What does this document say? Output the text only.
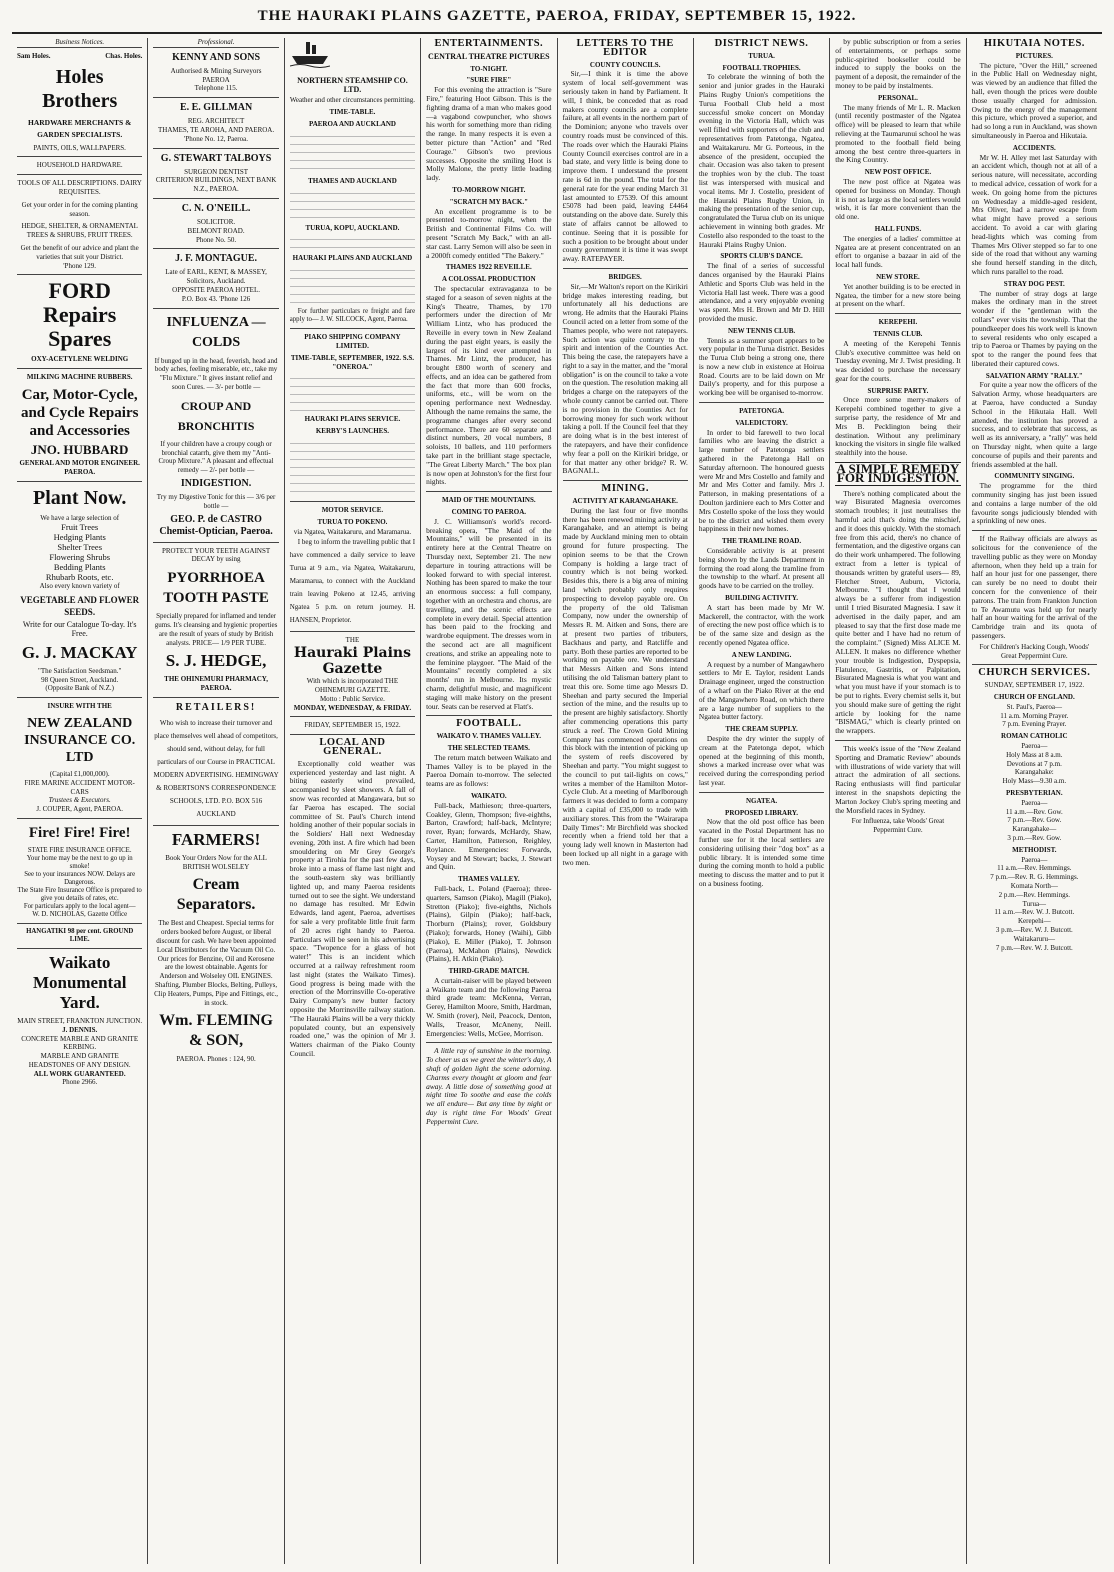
THE HAURAKI PLAINS GAZETTE, PAEROA, FRIDAY, SEPTEMBER 15, 1922.
Business Notices.
Sam Holes.	Chas. Holes.
Holes Brothers
HARDWARE MERCHANTS & GARDEN SPECIALISTS.
PAINTS, OILS, WALLPAPERS.
HOUSEHOLD HARDWARE.
TOOLS OF ALL DESCRIPTIONS. DAIRY REQUISITES.
Get your order in for the coming planting season.
HEDGE, SHELTER, & ORNAMENTAL TREES & SHRUBS, FRUIT TREES.
Get the benefit of our advice and plant the varieties that suit your District.
'Phone 129.
FORD Repairs Spares
OXY-ACETYLENE WELDING
MILKING MACHINE RUBBERS.
Car, Motor-Cycle, and Cycle Repairs and Accessories
JNO. HUBBARD
GENERAL AND MOTOR ENGINEER. PAEROA.
Plant Now.
We have a large selection of
Fruit Trees
Hedging Plants
Shelter Trees
Flowering Shrubs
Bedding Plants
Rhubarb Roots, etc.
Also every known variety of
VEGETABLE AND FLOWER SEEDS.
Write for our Catalogue To-day. It's Free.
G. J. MACKAY
"The Satisfaction Seedsman."
98 Queen Street, Auckland.
(Opposite Bank of N.Z.)
INSURE WITH THE
NEW ZEALAND INSURANCE CO. LTD
(Capital £1,000,000).
FIRE MARINE ACCIDENT MOTOR-CARS
Trustees & Executors.
J. COUPER, Agent, PAEROA.
Fire! Fire! Fire!
STATE FIRE INSURANCE OFFICE.
Your home may be the next to go up in smoke!
See to your insurances NOW. Delays are Dangerous.
The State Fire Insurance Office is prepared to give you details of rates, etc.
For particulars apply to the local agent—
W. D. NICHOLAS, Gazette Office
HANGATIKI 98 per cent. GROUND LIME.
Waikato Monumental Yard.
MAIN STREET, FRANKTON JUNCTION.
J. DENNIS.
CONCRETE MARBLE AND GRANITE KERBING.
MARBLE AND GRANITE HEADSTONES OF ANY DESIGN.
ALL WORK GUARANTEED.
Phone 2966.
Professional.
KENNY AND SONS
Authorised & Mining Surveyors
PAEROA
Telephone 115.
E. E. GILLMAN
REG. ARCHITECT
THAMES, TE AROHA, AND PAEROA.
'Phone No. 12, Paeroa.
G. STEWART TALBOYS
SURGEON DENTIST
CRITERION BUILDINGS, NEXT BANK N.Z., PAEROA.
C. N. O'NEILL.
SOLICITOR.
BELMONT ROAD.
Phone No. 50.
J. F. MONTAGUE.
Late of EARL, KENT, & MASSEY, Solicitors, Auckland.
OPPOSITE PAEROA HOTEL.
P.O. Box 43. 'Phone 126
INFLUENZA — COLDS
If bunged up in the head, feverish, head and body aches, feeling miserable, etc., take my "Flu Mixture." It gives instant relief and soon Cures. — 3/- per bottle —
CROUP AND BRONCHITIS
If your children have a croupy cough or bronchial catarrh, give them my "Anti-Croup Mixture." A pleasant and effectual remedy — 2/- per bottle —
INDIGESTION.
Try my Digestive Tonic for this — 3/6 per bottle —
GEO. P. de CASTRO Chemist-Optician, Paeroa.
PROTECT YOUR TEETH AGAINST DECAY by using
PYORRHOEA TOOTH PASTE
Specially prepared for inflamed and tender gums. It's cleansing and hygienic properties are the result of years of study by British analysts. PRICE— 1/9 PER TUBE.
S. J. HEDGE,
THE OHINEMURI PHARMACY, PAEROA.
RETAILERS!
Who wish to increase their turnover and place themselves well ahead of competitors, should send, without delay, for full particulars of our Course in PRACTICAL MODERN ADVERTISING. HEMINGWAY & ROBERTSON'S CORRESPONDENCE SCHOOLS, LTD. P.O. BOX 516 AUCKLAND
FARMERS!
Book Your Orders Now for the ALL BRITISH WOLSELEY
Cream Separators.
The Best and Cheapest. Special terms for orders booked before August, or liberal discount for cash. We have been appointed Local Distributors for the Vacuum Oil Co. Our prices for Benzine, Oil and Kerosene are the lowest obtainable. Agents for Anderson and Wolseley OIL ENGINES. Shafting, Plumber Blocks, Belting, Pulleys, Clip Heaters, Pumps, Pipe and Fittings, etc., in stock.
Wm. FLEMING & SON,
PAEROA. Phones : 124, 90.
NORTHERN STEAMSHIP CO. LTD.
Weather and other circumstances permitting.
TIME-TABLE.
PAEROA AND AUCKLAND
THAMES AND AUCKLAND
TURUA, KOPU, AUCKLAND.
HAURAKI PLAINS AND AUCKLAND

For further particulars re freight and fare apply to— J. W. SILCOCK, Agent, Paeroa.

PIAKO SHIPPING COMPANY LIMITED.
TIME-TABLE, SEPTEMBER, 1922. S.S. "ONEROA."
HAURAKI PLAINS SERVICE.
KERBY'S LAUNCHES.
MOTOR SERVICE.
TURUA TO POKENO.
via Ngatea, Waitakaruru, and Maramarua.

I beg to inform the travelling public that I have commenced a daily service to leave Turua at 9 a.m., via Ngatea, Waitakaruru, Maramarua, to connect with the Auckland train leaving Pokeno at 12.45, arriving Ngatea 5 p.m. on return journey. H. HANSEN, Proprietor.

THE
Hauraki Plains Gazette
With which is incorporated THE OHINEMURI GAZETTE.
Motto : Public Service.
MONDAY, WEDNESDAY, & FRIDAY.
FRIDAY, SEPTEMBER 15, 1922.
LOCAL AND GENERAL.

Exceptionally cold weather was experienced yesterday and last night. A biting easterly wind prevailed, accompanied by sleet showers. A fall of snow was recorded at Mangawara, but so far Paeroa has escaped. The social committee of St. Paul's Church intend holding another of their popular socials in the Soldiers' Hall next Wednesday evening, 20th inst. A fire which had been smouldering on Mr Grey George's property at Tirohia for the past few days, broke into a mass of flame last night and the south-eastern sky was brilliantly lighted up, and many Paeroa residents turned out to see the sight. We understand no damage has resulted. Mr Edwin Edwards, land agent, Paeroa, advertises for sale a very profitable little fruit farm of 20 acres right handy to Paeroa. Particulars will be seen in his advertising space. "Twopence for a glass of hot water!" This is an incident which occurred at a railway refreshment room last night (states the Waikato Times). Good progress is being made with the erection of the Morrinsville Co-operative Dairy Company's new butter factory opposite the Morrinsville railway station. "The Hauraki Plains will be a very thickly populated county, but an expensively roaded one," was the opinion of Mr J. Watters chairman of the Piako County Council.

ENTERTAINMENTS.
CENTRAL THEATRE PICTURES
TO-NIGHT.
"SURE FIRE"

For this evening the attraction is "Sure Fire," featuring Hoot Gibson. This is the fighting drama of a man who makes good—a vagabond cowpuncher, who shows his worth for something more than riding the range. In many respects it is even a better picture than "Action" and "Red Courage." Gibson's two previous successes. Opposite the smiling Hoot is Molly Malone, the pretty little leading lady.

TO-MORROW NIGHT.
"SCRATCH MY BACK."

An excellent programme is to be presented to-morrow night, when the British and Continental Films Co. will present "Scratch My Back," with an all-star cast. Larry Semon will also be seen in a 2000ft comedy entitled "The Bakery."

THAMES 1922 REVEILLE.
A COLOSSAL PRODUCTION

The spectacular extravaganza to be staged for a season of seven nights at the King's Theatre, Thames, by 170 performers under the direction of Mr William Lintz, who has produced the Reveille in every town in New Zealand during the past eight years, is easily the largest of its kind ever attempted in Thames. Mr Lintz, the producer, has brought £800 worth of scenery and effects, and an idea can be gathered from the fact that more than 600 frocks, uniforms, etc., will be worn on the opening performance next Wednesday. Although the name remains the same, the programme changes after every second performance. There are 60 separate and distinct numbers, 20 vocal numbers, 8 soloists, 10 ballets, and 110 performers take part in the brilliant stage spectacle, "The Great Liberty March." The box plan is now open at Johnston's for the first four nights.

MAID OF THE MOUNTAINS.
COMING TO PAEROA.

J. C. Williamson's world's record-breaking opera, "The Maid of the Mountains," will be presented in its entirety here at the Central Theatre on Thursday next, September 21. The new departure in touring attractions will be looked forward to with special interest. Nothing has been spared to make the tour an enormous success: a full company, together with an orchestra and chorus, are travelling, and the scenic effects are complete in every detail. Special attention has been paid to the frocking and wardrobe equipment. The dresses worn in the second act are all magnificent creations, and strike an appealing note to the feminine playgoer. "The Maid of the Mountains" recently completed a six months' run in Melbourne. Its mystic charm, delightful music, and magnificent staging will make history on the present tour. Seats can be reserved at Flatt's.

FOOTBALL.
WAIKATO V. THAMES VALLEY.
THE SELECTED TEAMS.

The return match between Waikato and Thames Valley is to be played in the Paeroa Domain to-morrow. The selected teams are as follows:

WAIKATO.

Full-back, Mathieson; three-quarters, Coakley, Glenn, Thompson; five-eighths, Barton, Crawford; half-back, McIntyre; rover, Ryan; forwards, McHardy, Shaw, Carter, Hamilton, Patterson, Reighley, Roylance. Emergencies: Forwards, Voysey and M Stewart; backs, J. Stewart and Quin.

THAMES VALLEY.

Full-back, L. Poland (Paeroa); three-quarters, Samson (Piako), Magill (Piako), Stretton (Piako); five-eighths, Nichols (Plains), Gilpin (Piako); half-back, Thorburn (Plains); rover, Goldsbury (Piako); forwards, Honey (Waihi), Gibb (Piako), E. Miller (Piako), T. Johnson (Paeroa), McMahon (Plains), Newdick (Plains), H. Atkin (Piako).

THIRD-GRADE MATCH.

A curtain-raiser will be played between a Waikato team and the following Paeroa third grade team: McKenna, Verran, Gerey, Hamilton Moore, Smith, Hardman, W. Smith (rover), Neil, Peacock, Denton, Walls, Treasor, McAneny, Neill. Emergencies: Wells, McGee, Morrison.

A little ray of sunshine in the morning. To cheer us as we greet the winter's day, A shaft of golden light the scene adorning. Charms every thought at gloom and fear away. A little dose of something good at night time To soothe and ease the colds we all endure— But any time by night or day is right time For Woods' Great Peppermint Cure.

LETTERS TO THE EDITOR
COUNTY COUNCILS.

Sir,—I think it is time the above system of local self-government was seriously taken in hand by Parliament. It will, I think, be conceded that as road makers county councils are a complete failure, at all events in the northern part of the Dominion; anyone who travels over country roads must be convinced of this. The roads over which the Hauraki Plains County Council exercises control are in a bad state, and very little is being done to improve them. I understand the present rate is 6d in the pound. The total for the general rate for the year ending March 31 last amounted to £7539. Of this amount £5078 had been paid, leaving £4464 outstanding on the above date. Surely this state of affairs cannot be allowed to continue. Seeing that it is possible for such a position to be brought about under county government it is time it was swept away. RATEPAYER.

BRIDGES.

Sir,—Mr Walton's report on the Kirikiri bridge makes interesting reading, but unfortunately all his deductions are wrong. He admits that the Hauraki Plains Council acted on a letter from some of the Thames people, who were not ratepayers. Such action was quite contrary to the spirit and intention of the Counties Act. This being the case, the ratepayers have a right to a say in the matter, and the "moral obligation" is on the council to take a vote on the question. The resolution making all bridges a charge on the ratepayers of the whole county cannot be carried out. There is no provision in the Counties Act for borrowing money for such work without taking a poll. If the Council feel that they are doing what is in the best interest of the ratepayers, and have their confidence why fear a poll on the Kirikiri bridge, or for that matter any other bridge? R. W. BAGNALL.

MINING.
ACTIVITY AT KARANGAHAKE.

During the last four or five months there has been renewed mining activity at Karangahake, and an attempt is being made by Auckland mining men to obtain ground for future prospecting. The opinion seems to be that the Crown Company is holding a large tract of country which is not being worked. Besides this, there is a big area of mining land which probably only requires prospecting to develop payable ore. On the property of the old Talisman Company, now under the ownership of Messrs R. M. Aitken and Sons, there are at present two parties of tributers, Backhaus and party, and Ratcliffe and party. Both these parties are reported to be working on payable ore. We understand that Messrs Aitken and Sons intend utilising the old Talisman battery plant to treat this ore. Some time ago Messrs D. Sheehan and party secured the Imperial section of the mine, and the results up to the present are highly satisfactory. Shortly after commencing operations this party struck a reef. The Crown Gold Mining Company has commenced operations on this block with the intention of picking up the system of reefs discovered by Sheehan and party. "You might suggest to the council to put tail-lights on cows," writes a member of the Hamilton Motor-Cycle Club. At a meeting of Marlborough farmers it was decided to form a company with a capital of £35,000 to trade with auxiliary stores. This from the "Wairarapa Daily Times": Mr Birchfield was shocked recently when a friend told her that a young lady well known in Masterton had been locked up all night in a garage with two men.

DISTRICT NEWS.
TURUA.
FOOTBALL TROPHIES.

To celebrate the winning of both the senior and junior grades in the Hauraki Plains Rugby Union's competitions the Turua Football Club held a most successful smoke concert on Monday evening in the Victoria Hall, which was well filled with supporters of the club and representatives from Patetonga, Ngatea, and Waitakaruru. Mr G. Porteous, in the absence of the president, occupied the chair. Occasion was also taken to present the trophies won by the club. The toast list was interspersed with musical and vocal items. Mr J. Costello, president of the Hauraki Plains Rugby Union, in making the presentation of the senior cup, congratulated the Turua club on its unique achievement in winning both grades. Mr Costello also responded to the toast to the Hauraki Plains Rugby Union.

SPORTS CLUB'S DANCE.

The final of a series of successful dances organised by the Hauraki Plains Athletic and Sports Club was held in the Victoria Hall last week. There was a good attendance, and a very enjoyable evening was spent. Mrs H. Brown and Mr D. Hill provided the music.

NEW TENNIS CLUB.

Tennis as a summer sport appears to be very popular in the Turua district. Besides the Turua Club being a strong one, there is now a new club in existence at Hoirua Road. Courts are to be laid down on Mr Daily's property, and for this purpose a working bee will be organised to-morrow.

PATETONGA.
VALEDICTORY.

In order to bid farewell to two local families who are leaving the district a large number of Patetonga settlers gathered in the Patetonga Hall on Saturday afternoon. The honoured guests were Mr and Mrs Costello and family and Mr and Mrs Cotter and family. Mrs J. Patterson, in making presentations of a Doulton jardiniere each to Mrs Cotter and Mrs Costello spoke of the loss they would be to the district and wished them every happiness in their new homes.

THE TRAMLINE ROAD.

Considerable activity is at present being shown by the Lands Department in forming the road along the tramline from the township to the wharf. At present all goods have to be carried on the trolley.

BUILDING ACTIVITY.

A start has been made by Mr W. Mackerell, the contractor, with the work of erecting the new post office which is to be of the same size and design as the recently opened Ngatea office.

A NEW LANDING.

A request by a number of Mangawhero settlers to Mr E. Taylor, resident Lands Drainage engineer, urged the construction of a wharf on the Piako River at the end of the Mangawhero Road, on which there are a large number of suppliers to the Ngatea butter factory.

THE CREAM SUPPLY.

Despite the dry winter the supply of cream at the Patetonga depot, which opened at the beginning of this month, shows a marked increase over what was received during the corresponding period last year.

NGATEA.
PROPOSED LIBRARY.

Now that the old post office has been vacated in the Postal Department has no further use for it the local settlers are considering utilising their "dog box" as a public library. It is intended some time during the coming month to hold a public meeting to discuss the matter and to put it on a business footing.

by public subscription or from a series of entertainments, or perhaps some public-spirited bookseller could be induced to supply the books on the payment of a deposit, the remainder of the money to be paid by instalments.

PERSONAL.

The many friends of Mr L. R. Macken (until recently postmaster of the Ngatea office) will be pleased to learn that while relieving at the Taumarunui school he was promoted to the football field being among the best centre three-quarters in the King Country.

NEW POST OFFICE.

The new post office at Ngatea was opened for business on Monday. Though it is not as large as the local settlers would wish, it is far more convenient than the old one.

HALL FUNDS.

The energies of a ladies' committee at Ngatea are at present concentrated on an effort to organise a bazaar in aid of the local hall funds.

NEW STORE.

Yet another building is to be erected in Ngatea, the timber for a new store being at present on the wharf.

KEREPEHI.
TENNIS CLUB.

A meeting of the Kerepehi Tennis Club's executive committee was held on Tuesday evening, Mr J. Twist presiding. It was decided to purchase the necessary gear for the courts.

SURPRISE PARTY.

Once more some merry-makers of Kerepehi combined together to give a surprise party, the residence of Mr and Mrs B. Pecklington being their destination. Without any preliminary knocking the visitors in single file walked stealthily into the house.

A SIMPLE REMEDY FOR INDIGESTION.

There's nothing complicated about the way Bisurated Magnesia overcomes stomach troubles; it just neutralises the harmful acid that's doing the mischief, and it does this quickly. With the stomach free from this acid, there's no chance of fermentation, and the digestive organs can do their work unhampered. The following extract from a letter is typical of thousands written by grateful users— 89, Fletcher Street, Auburn, Victoria, Melbourne. "I thought that I would always be a sufferer from indigestion until I tried Bisurated Magnesia. I saw it advertised in the daily paper, and am pleased to say that the first dose made me quite better and I have had no return of the complaint." (Signed) Miss ALICE M. ALLEN. It makes no difference whether your trouble is Indigestion, Dyspepsia, Flatulence, Gastritis, or Palpitation, Bisurated Magnesia is what you want and what you must have if your stomach is to be put to rights. Every chemist sells it, but you should make sure of getting the right article by looking for the name "BISMAG," which is clearly printed on the wrappers.

This week's issue of the "New Zealand Sporting and Dramatic Review" abounds with illustrations of wide variety that will attract the admiration of all sections. Racing enthusiasts will find particular interest in the snapshots depicting the Marton Jockey Club's spring meeting and the Morsfield races in Sydney.

For Influenza, take Woods' Great Peppermint Cure.
HIKUTAIA NOTES.
PICTURES.

The picture, "Over the Hill," screened in the Public Hall on Wednesday night, was viewed by an audience that filled the hall, even though the prices were double those usually charged for admission. Owing to the energy of the management this picture, which proved a superior, and had so long a run in Auckland, was shown simultaneously in Paeroa and Hikutaia.

ACCIDENTS.

Mr W. H. Alley met last Saturday with an accident which, though not at all of a serious nature, will necessitate, according to medical advice, cessation of work for a week. On going home from the pictures on Wednesday a middle-aged resident, Mrs Oliver, had a narrow escape from what might have proved a serious accident. To avoid a car with glaring head-lights which was coming from Thames Mrs Oliver stepped so far to one side of the road that without any warning she found herself standing in the ditch, which runs parallel to the road.

STRAY DOG PEST.

The number of stray dogs at large makes the ordinary man in the street wonder if the "gentleman with the collars" ever visits the township. That the poundkeeper does his work well is known to several residents who only escaped a trip to Paeroa or Thames by paying on the spot to the ranger the pound fees that liberated their captured cows.

SALVATION ARMY "RALLY."

For quite a year now the officers of the Salvation Army, whose headquarters are at Paeroa, have conducted a Sunday School in the Hikutaia Hall. Well attended, the institution has proved a success, and to celebrate that success, as well as its anniversary, a "rally" was held on Thursday night, when quite a large concourse of pupils and their parents and friends assembled at the hall.

COMMUNITY SINGING.

The programme for the third community singing has just been issued and contains a large number of the old favourite songs judiciously blended with a sprinkling of new ones.

If the Railway officials are always as solicitous for the convenience of the travelling public as they were on Monday afternoon, when they held up a train for half an hour just for one passenger, there can surely be no need to doubt their concern for the convenience of their patrons. The train from Frankton Junction to Te Awamutu was held up for nearly half an hour waiting for the arrival of the Cambridge train and its quota of passengers.

For Children's Hacking Cough, Woods' Great Peppermint Cure.
CHURCH SERVICES.
SUNDAY, SEPTEMBER 17, 1922.
CHURCH OF ENGLAND.
St. Paul's, Paeroa—
11 a.m. Morning Prayer.
7 p.m. Evening Prayer.
ROMAN CATHOLIC
Paeroa—
Holy Mass at 8 a.m.
Devotions at 7 p.m.
Karangahake:
Holy Mass—9.30 a.m.
PRESBYTERIAN.
Paeroa—
11 a.m.—Rev. Gow.
7 p.m.—Rev. Gow.
Karangahake—
3 p.m.—Rev. Gow.
METHODIST.
Paeroa—
11 a.m.—Rev. Hemmings.
7 p.m.—Rev. R. G. Hemmings.
Komata North—
2 p.m.—Rev. Hemmings.
Turua—
11 a.m.—Rev. W. J. Butcott.
Kerepehi—
3 p.m.—Rev. W. J. Butcott.
Waitakaruru—
7 p.m.—Rev. W. J. Butcott.
